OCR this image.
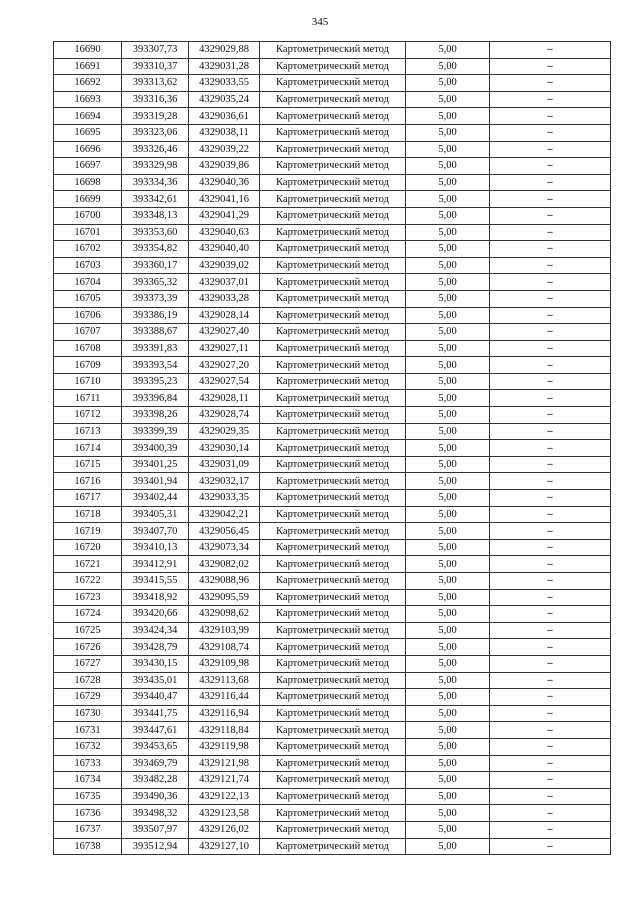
345
16690	393307,73	4329029,88	Картометрический метод	5,00	–
16691	393310,37	4329031,28	Картометрический метод	5,00	–
16692	393313,62	4329033,55	Картометрический метод	5,00	–
16693	393316,36	4329035,24	Картометрический метод	5,00	–
16694	393319,28	4329036,61	Картометрический метод	5,00	–
16695	393323,06	4329038,11	Картометрический метод	5,00	–
16696	393326,46	4329039,22	Картометрический метод	5,00	–
16697	393329,98	4329039,86	Картометрический метод	5,00	–
16698	393334,36	4329040,36	Картометрический метод	5,00	–
16699	393342,61	4329041,16	Картометрический метод	5,00	–
16700	393348,13	4329041,29	Картометрический метод	5,00	–
16701	393353,60	4329040,63	Картометрический метод	5,00	–
16702	393354,82	4329040,40	Картометрический метод	5,00	–
16703	393360,17	4329039,02	Картометрический метод	5,00	–
16704	393365,32	4329037,01	Картометрический метод	5,00	–
16705	393373,39	4329033,28	Картометрический метод	5,00	–
16706	393386,19	4329028,14	Картометрический метод	5,00	–
16707	393388,67	4329027,40	Картометрический метод	5,00	–
16708	393391,83	4329027,11	Картометрический метод	5,00	–
16709	393393,54	4329027,20	Картометрический метод	5,00	–
16710	393395,23	4329027,54	Картометрический метод	5,00	–
16711	393396,84	4329028,11	Картометрический метод	5,00	–
16712	393398,26	4329028,74	Картометрический метод	5,00	–
16713	393399,39	4329029,35	Картометрический метод	5,00	–
16714	393400,39	4329030,14	Картометрический метод	5,00	–
16715	393401,25	4329031,09	Картометрический метод	5,00	–
16716	393401,94	4329032,17	Картометрический метод	5,00	–
16717	393402,44	4329033,35	Картометрический метод	5,00	–
16718	393405,31	4329042,21	Картометрический метод	5,00	–
16719	393407,70	4329056,45	Картометрический метод	5,00	–
16720	393410,13	4329073,34	Картометрический метод	5,00	–
16721	393412,91	4329082,02	Картометрический метод	5,00	–
16722	393415,55	4329088,96	Картометрический метод	5,00	–
16723	393418,92	4329095,59	Картометрический метод	5,00	–
16724	393420,66	4329098,62	Картометрический метод	5,00	–
16725	393424,34	4329103,99	Картометрический метод	5,00	–
16726	393428,79	4329108,74	Картометрический метод	5,00	–
16727	393430,15	4329109,98	Картометрический метод	5,00	–
16728	393435,01	4329113,68	Картометрический метод	5,00	–
16729	393440,47	4329116,44	Картометрический метод	5,00	–
16730	393441,75	4329116,94	Картометрический метод	5,00	–
16731	393447,61	4329118,84	Картометрический метод	5,00	–
16732	393453,65	4329119,98	Картометрический метод	5,00	–
16733	393469,79	4329121,98	Картометрический метод	5,00	–
16734	393482,28	4329121,74	Картометрический метод	5,00	–
16735	393490,36	4329122,13	Картометрический метод	5,00	–
16736	393498,32	4329123,58	Картометрический метод	5,00	–
16737	393507,97	4329126,02	Картометрический метод	5,00	–
16738	393512,94	4329127,10	Картометрический метод	5,00	–
